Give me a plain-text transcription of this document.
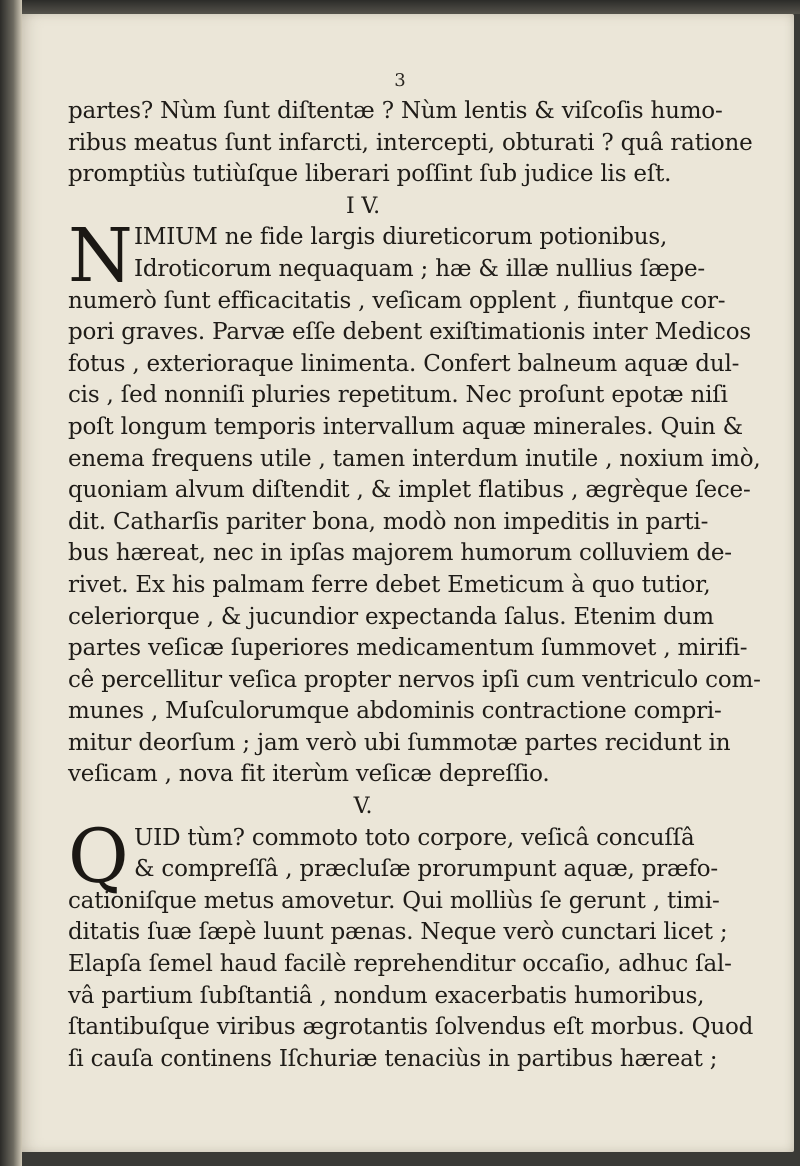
3
partes? Nùm ſunt diſtentæ ? Nùm lentis & viſcoſis humo-
ribus meatus ſunt infarcti, intercepti, obturati ? quâ ratione
promptiùs tutiùſque liberari poſſint ſub judice lis eſt.
I V.
N IMIUM ne fide largis diureticorum potionibus,
Idroticorum nequaquam ; hæ & illæ nullius ſæpe-
numerò ſunt efficacitatis , veſicam opplent , fiuntque cor-
pori graves. Parvæ eſſe debent exiſtimationis inter Medicos
fotus , exterioraque linimenta. Confert balneum aquæ dul-
cis , ſed nonniſi pluries repetitum. Nec proſunt epotæ niſi
poſt longum temporis intervallum aquæ minerales. Quin &
enema frequens utile , tamen interdum inutile , noxium imò,
quoniam alvum diſtendit , & implet flatibus , ægrèque ſece-
dit. Catharſis pariter bona, modò non impeditis in parti-
bus hæreat, nec in ipſas majorem humorum colluviem de-
rivet. Ex his palmam ferre debet Emeticum à quo tutior,
celeriorque , & jucundior expectanda ſalus. Etenim dum
partes veſicæ ſuperiores medicamentum ſummovet , mirifi-
cê percellitur veſica propter nervos ipſi cum ventriculo com-
munes , Muſculorumque abdominis contractione compri-
mitur deorſum ; jam verò ubi ſummotæ partes recidunt in
veſicam , nova fit iterùm veſicæ depreſſio.
V.
Q UID tùm? commoto toto corpore, veſicâ concuſſâ
& compreſſâ , præcluſæ prorumpunt aquæ, præfo-
cationiſque metus amovetur. Qui molliùs ſe gerunt , timi-
ditatis ſuæ ſæpè luunt pænas. Neque verò cunctari licet ;
Elapſa ſemel haud facilè reprehenditur occaſio, adhuc ſal-
vâ partium ſubſtantiâ , nondum exacerbatis humoribus,
ſtantibuſque viribus ægrotantis ſolvendus eſt morbus. Quod
ſi cauſa continens Iſchuriæ tenaciùs in partibus hæreat ;
